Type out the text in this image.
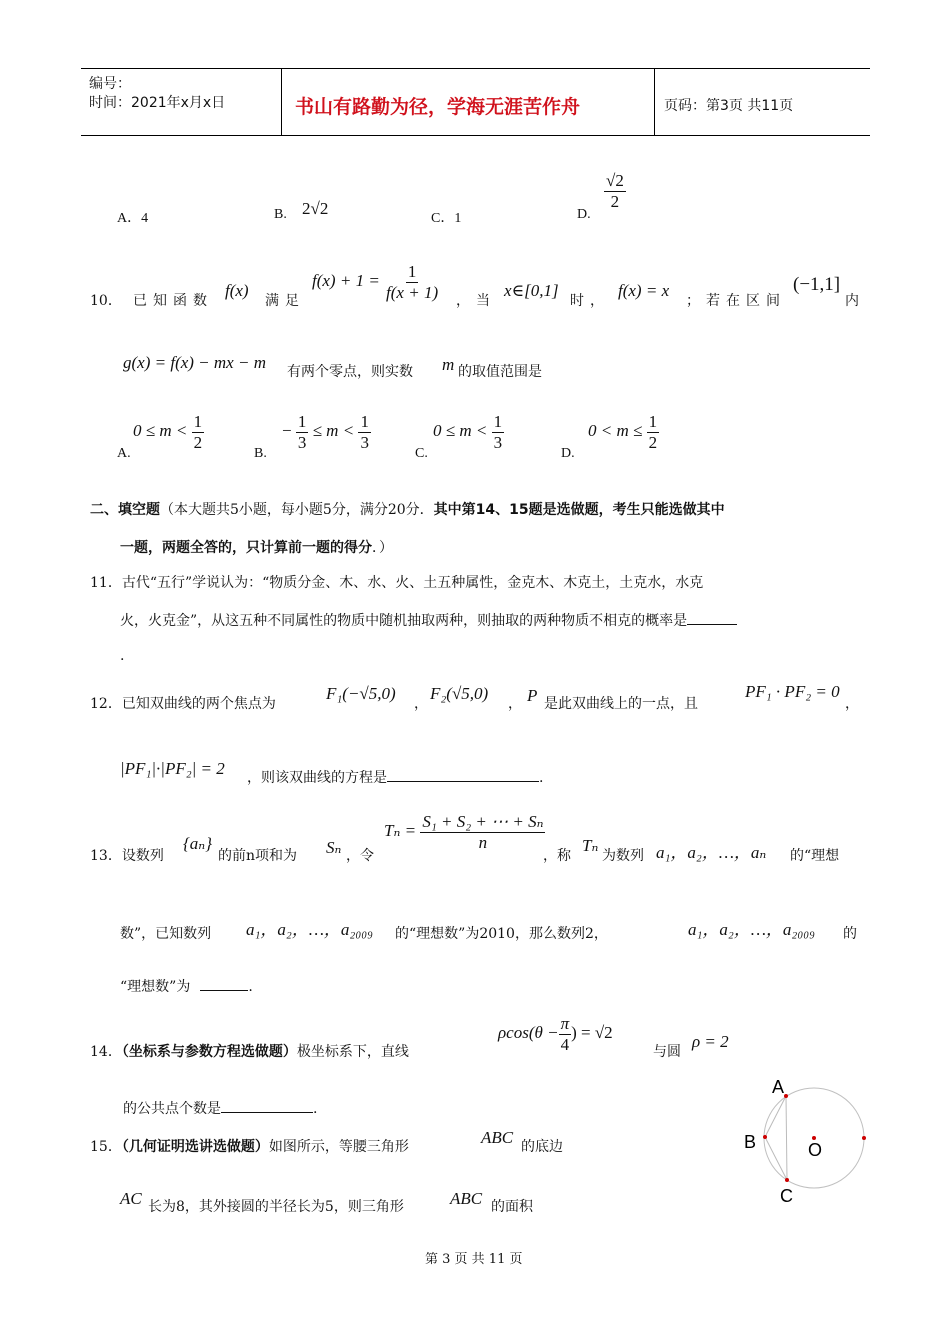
编号：
时间：2021年x月x日	书山有路勤为径，学海无涯苦作舟	页码：第3页 共11页
A．4	B. 2√2
C．1	D.
$\frac{√2}{2}$
10． 已知函数
f(x)
满足
$f(x) + 1 = \frac{1}{f(x + 1)}$ ，当
x∈[0,1]
时，
f(x) = x
；若在区间
(−1,1]
内
g(x) = f(x) − mx − m 有两个零点，则实数 m 的取值范围是
A.
$0 \le m < \frac{1}{2}$
B.
− $\frac{1}{3} \le m < \frac{1}{3}$
C.
$0 \le m < \frac{1}{3}$
D.
$0 < m \le \frac{1}{2}$
二、填空题（本大题共5小题，每小题5分，满分20分．其中第14、15题是选做题，考生只能选做其中
一题，两题全答的，只计算前一题的得分．）
11．古代“五行”学说认为：“物质分金、木、水、火、土五种属性，金克木、木克土，土克水，水克
火，火克金”，从这五种不同属性的物质中随机抽取两种，则抽取的两种物质不相克的概率是
.
12．已知双曲线的两个焦点为
F₁(−√5,0)
，
F₂(√5,0)
， P 是此双曲线上的一点，且
PF₁ · PF₂ = 0
，
|PF₁|·|PF₂| = 2 ，则该双曲线的方程是	.
13．设数列
{aₙ}
的前n项和为 Sₙ ，令
$T_n = \frac{\text{S₁ + S₂ + ⋯ + Sₙ}}{n}$
，称
Tₙ
为数列 a₁，a₂，…，aₙ 的“理想
数”，已知数列 a₁，a₂，…，a₂₀₀₉ 的“理想数”为2010，那么数列2，	a₁，a₂，…，a₂₀₀₉ 的
“理想数”为	.
14．（坐标系与参数方程选做题）极坐标系下，直线
$\rho\cos(\theta - \frac{\pi}{4}$ ) = √2
与圆
ρ = 2
的公共点个数是	.
15．（几何证明选讲选做题）如图所示，等腰三角形	ABC 的底边
AC 长为8，其外接圆的半径长为5，则三角形	ABC 的面积
A
B
C
O
第 3 页 共 11 页
